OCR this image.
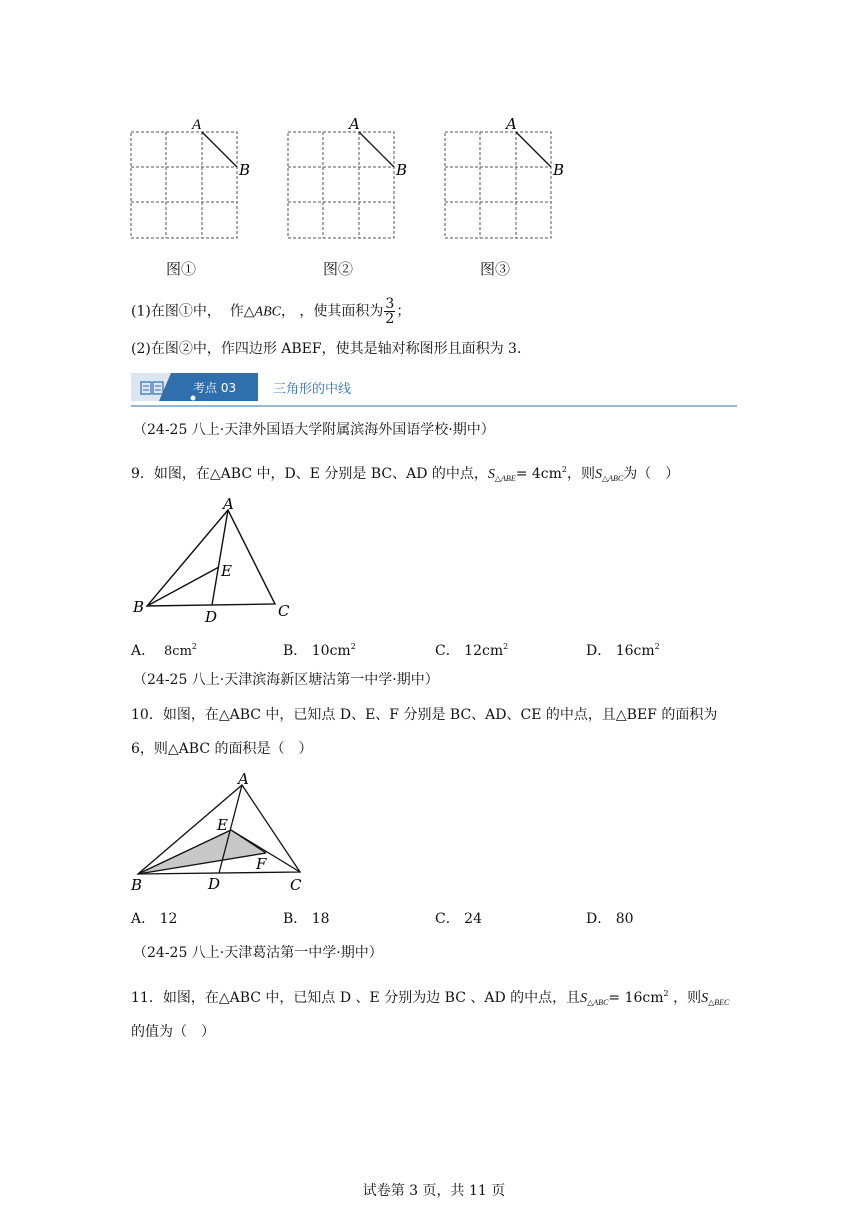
A
B
图①
A
B
图②
A
B
图③
(1)在图①中， 作△ABC， ，使其面积为 $\frac{3}{2}$ ；
(2)在图②中，作四边形 ABEF，使其是轴对称图形且面积为 3.
考点 03	三角形的中线
（24-25 八上·天津外国语大学附属滨海外国语学校·期中）
9．如图，在△ABC 中，D、E 分别是 BC、AD 的中点，$S_{\triangle ABE}= 4cm^2$，则$S_{\triangle ABC}$为（　）
A
B	C
D
E
A． $8cm^2$	B． $10cm^2$	C． $12cm^2$	D． $16cm^2$
（24-25 八上·天津滨海新区塘沽第一中学·期中）
10．如图，在△ABC 中，已知点 D、E、F 分别是 BC、AD、CE 的中点，且△BEF 的面积为
6，则△ABC 的面积是（　）
A
B	C
D
E
F
A． 12	B． 18	C． 24	D． 80
（24-25 八上·天津葛沽第一中学·期中）
11．如图，在△ABC 中，已知点 D 、E 分别为边 BC 、AD 的中点，且$S_{\triangle ABC}= 16cm^2$ ，则$S_{\triangle BEC}$
的值为（　）
试卷第 3 页，共 11 页
